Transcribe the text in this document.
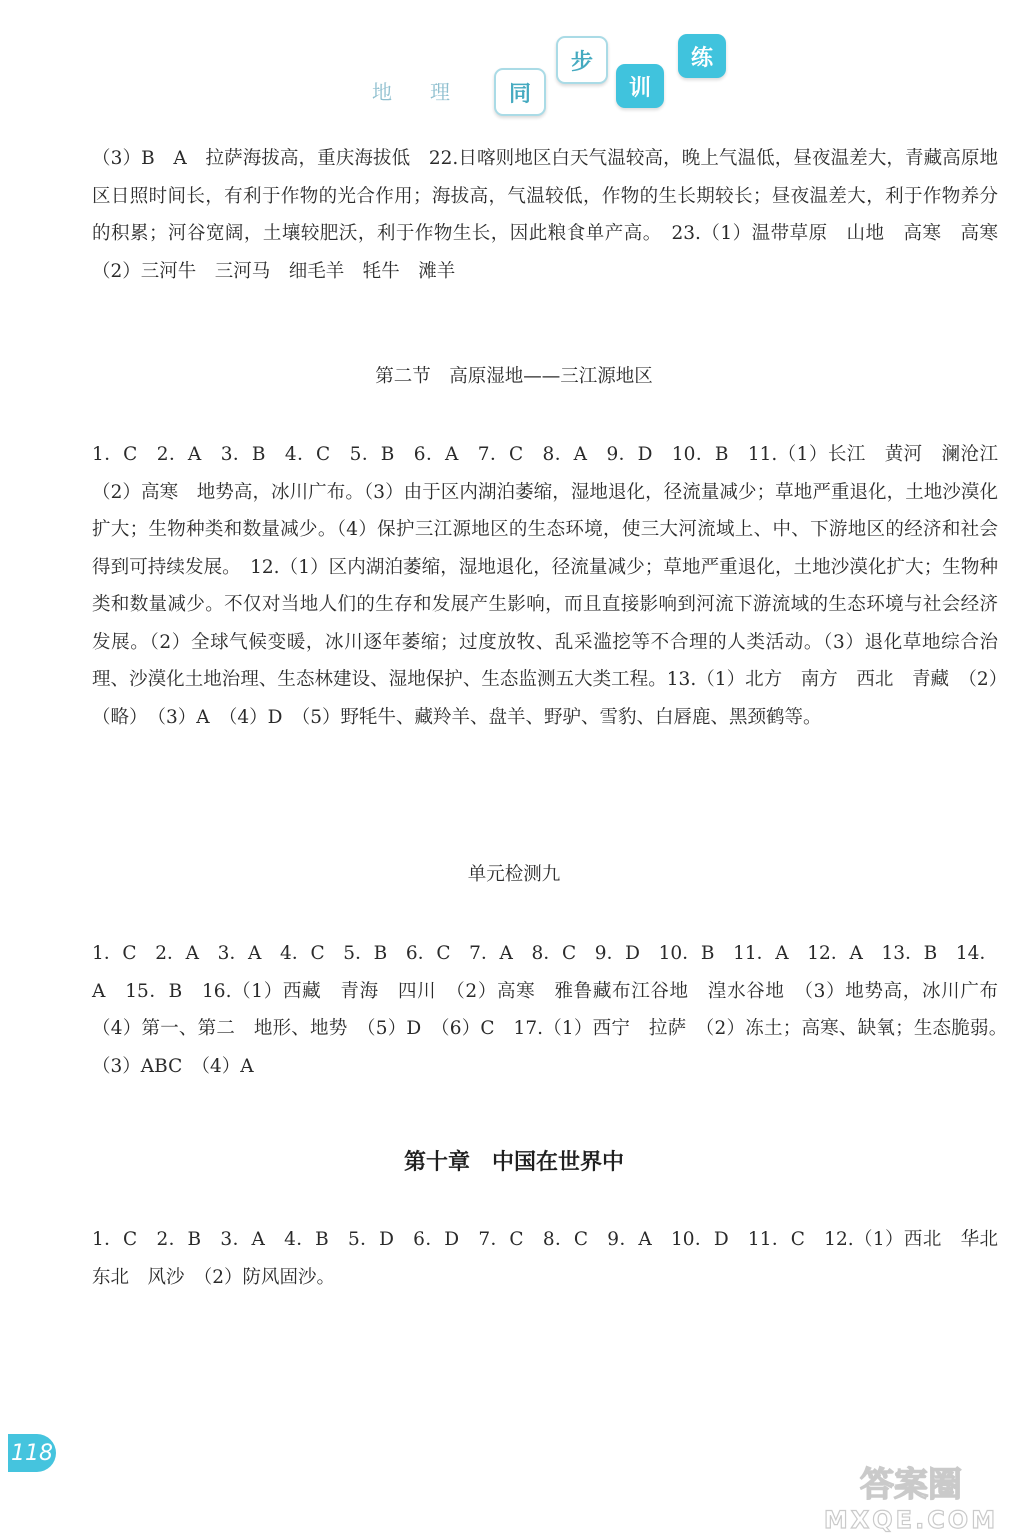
地 理	同
步
训
练
（3）B　A　拉萨海拔高，重庆海拔低　22.日喀则地区白天气温较高，晚上气温低，昼夜温差大，青藏高原地区日照时间长，有利于作物的光合作用；海拔高，气温较低，作物的生长期较长；昼夜温差大，利于作物养分的积累；河谷宽阔，土壤较肥沃，利于作物生长，因此粮食单产高。　23.（1）温带草原　山地　高寒　高寒　（2）三河牛　三河马　细毛羊　牦牛　滩羊
第二节　高原湿地——三江源地区
1．C　2．A　3．B　4．C　5．B　6．A　7．C　8．A　9．D　10．B　11.（1）长江　黄河　澜沧江　（2）高寒　地势高，冰川广布。（3）由于区内湖泊萎缩，湿地退化，径流量减少；草地严重退化，土地沙漠化扩大；生物种类和数量减少。（4）保护三江源地区的生态环境，使三大河流域上、中、下游地区的经济和社会得到可持续发展。　12.（1）区内湖泊萎缩，湿地退化，径流量减少；草地严重退化，土地沙漠化扩大；生物种类和数量减少。不仅对当地人们的生存和发展产生影响，而且直接影响到河流下游流域的生态环境与社会经济发展。（2）全球气候变暖，冰川逐年萎缩；过度放牧、乱采滥挖等不合理的人类活动。（3）退化草地综合治理、沙漠化土地治理、生态林建设、湿地保护、生态监测五大类工程。13.（1）北方　南方　西北　青藏　（2）（略）　（3）A　（4）D　（5）野牦牛、藏羚羊、盘羊、野驴、雪豹、白唇鹿、黑颈鹤等。
单元检测九
1．C　2．A　3．A　4．C　5．B　6．C　7．A　8．C　9．D　10．B　11．A　12．A　13．B　14．A　15．B　16.（1）西藏　青海　四川　（2）高寒　雅鲁藏布江谷地　湟水谷地　（3）地势高，冰川广布　（4）第一、第二　地形、地势　（5）D　（6）C　17.（1）西宁　拉萨　（2）冻土；高寒、缺氧；生态脆弱。　（3）ABC　（4）A
第十章　中国在世界中
1．C　2．B　3．A　4．B　5．D　6．D　7．C　8．C　9．A　10．D　11．C　12.（1）西北　华北　东北　风沙　（2）防风固沙。
118
答案圈
MXQE.COM
